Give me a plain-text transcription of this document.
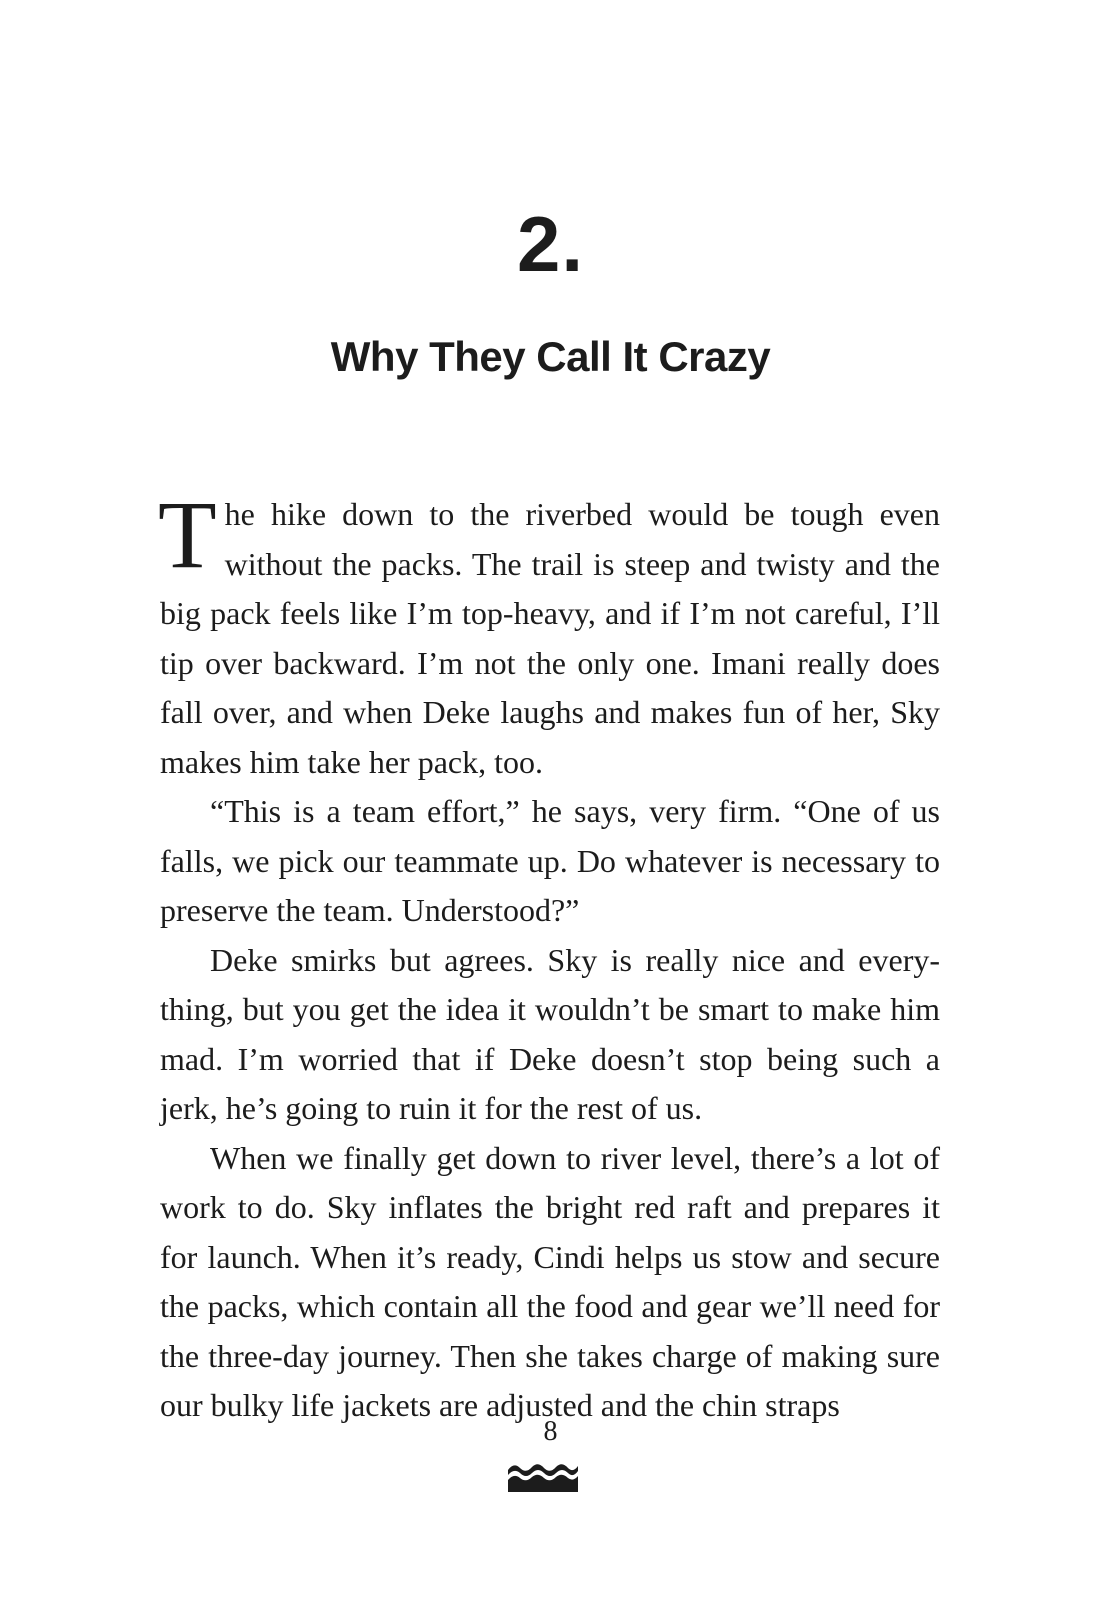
2.
Why They Call It Crazy

The hike down to the riverbed would be tough even without the packs. The trail is steep and twisty and the big pack feels like I’m top-heavy, and if I’m not careful, I’ll tip over backward. I’m not the only one. Imani really does fall over, and when Deke laughs and makes fun of her, Sky makes him take her pack, too.

“This is a team effort,” he says, very firm. “One of us falls, we pick our teammate up. Do whatever is necessary to preserve the team. Understood?”

Deke smirks but agrees. Sky is really nice and everything, but you get the idea it wouldn’t be smart to make him mad. I’m worried that if Deke doesn’t stop being such a jerk, he’s going to ruin it for the rest of us.

When we finally get down to river level, there’s a lot of work to do. Sky inflates the bright red raft and prepares it for launch. When it’s ready, Cindi helps us stow and secure the packs, which contain all the food and gear we’ll need for the three-day journey. Then she takes charge of making sure our bulky life jackets are adjusted and the chin straps

8
